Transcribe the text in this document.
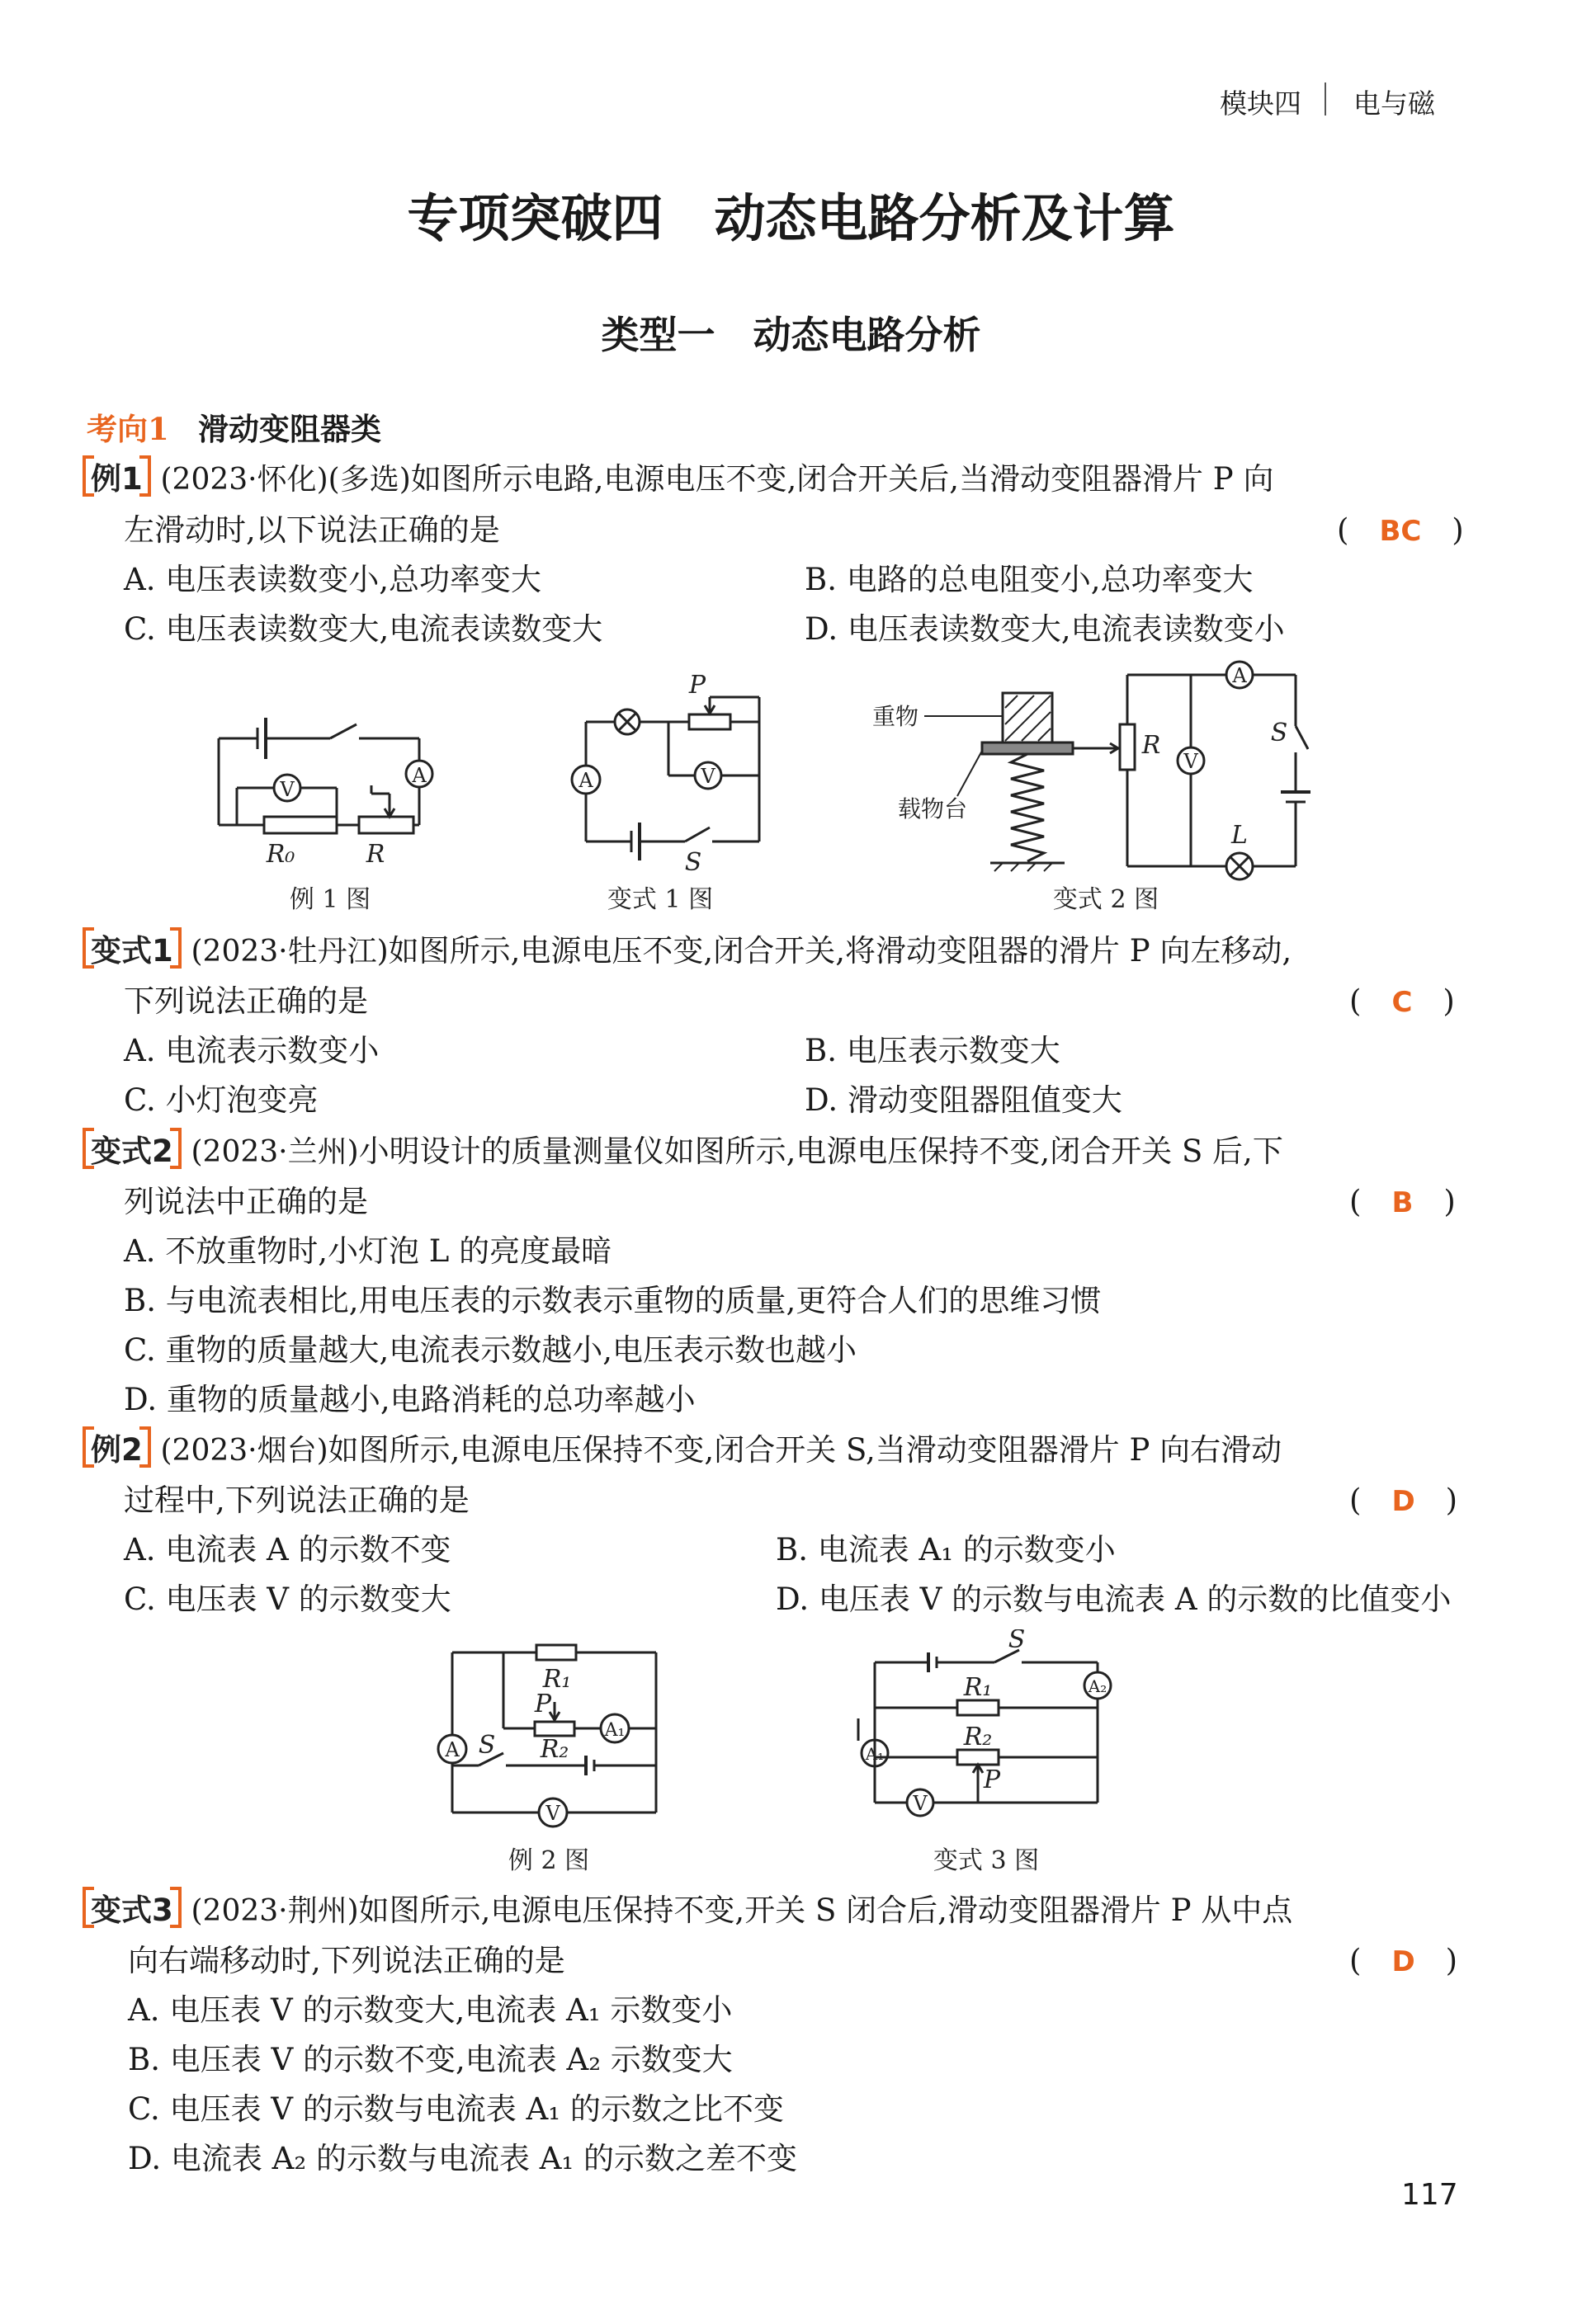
模块四 电与磁
专项突破四　动态电路分析及计算
类型一　动态电路分析
考向1 滑动变阻器类
例1 (2023·怀化)(多选)如图所示电路,电源电压不变,闭合开关后,当滑动变阻器滑片 P 向
左滑动时,以下说法正确的是	(　BC　)
A. 电压表读数变小,总功率变大	B. 电路的总电阻变小,总功率变大
C. 电压表读数变大,电流表读数变大	D. 电压表读数变大,电流表读数变小
V
A
R₀	R
例 1 图
P
A	V
S
变式 1 图
重物
载物台
R
A
V
S
L
变式 2 图
变式1 (2023·牡丹江)如图所示,电源电压不变,闭合开关,将滑动变阻器的滑片 P 向左移动,
下列说法正确的是	(　C　)
A. 电流表示数变小	B. 电压表示数变大
C. 小灯泡变亮	D. 滑动变阻器阻值变大
变式2 (2023·兰州)小明设计的质量测量仪如图所示,电源电压保持不变,闭合开关 S 后,下
列说法中正确的是	(　B　)
A. 不放重物时,小灯泡 L 的亮度最暗
B. 与电流表相比,用电压表的示数表示重物的质量,更符合人们的思维习惯
C. 重物的质量越大,电流表示数越小,电压表示数也越小
D. 重物的质量越小,电路消耗的总功率越小
例2 (2023·烟台)如图所示,电源电压保持不变,闭合开关 S,当滑动变阻器滑片 P 向右滑动
过程中,下列说法正确的是	(　D　)
A. 电流表 A 的示数不变	B. 电流表 A₁ 的示数变小
C. 电压表 V 的示数变大	D. 电压表 V 的示数与电流表 A 的示数的比值变小
R₁
P
R₂
A
A₁
S
V
例 2 图
S
R₁
R₂
P
A₁
A₂
V
变式 3 图
变式3 (2023·荆州)如图所示,电源电压保持不变,开关 S 闭合后,滑动变阻器滑片 P 从中点
向右端移动时,下列说法正确的是	(　D　)
A. 电压表 V 的示数变大,电流表 A₁ 示数变小
B. 电压表 V 的示数不变,电流表 A₂ 示数变大
C. 电压表 V 的示数与电流表 A₁ 的示数之比不变
D. 电流表 A₂ 的示数与电流表 A₁ 的示数之差不变
117
